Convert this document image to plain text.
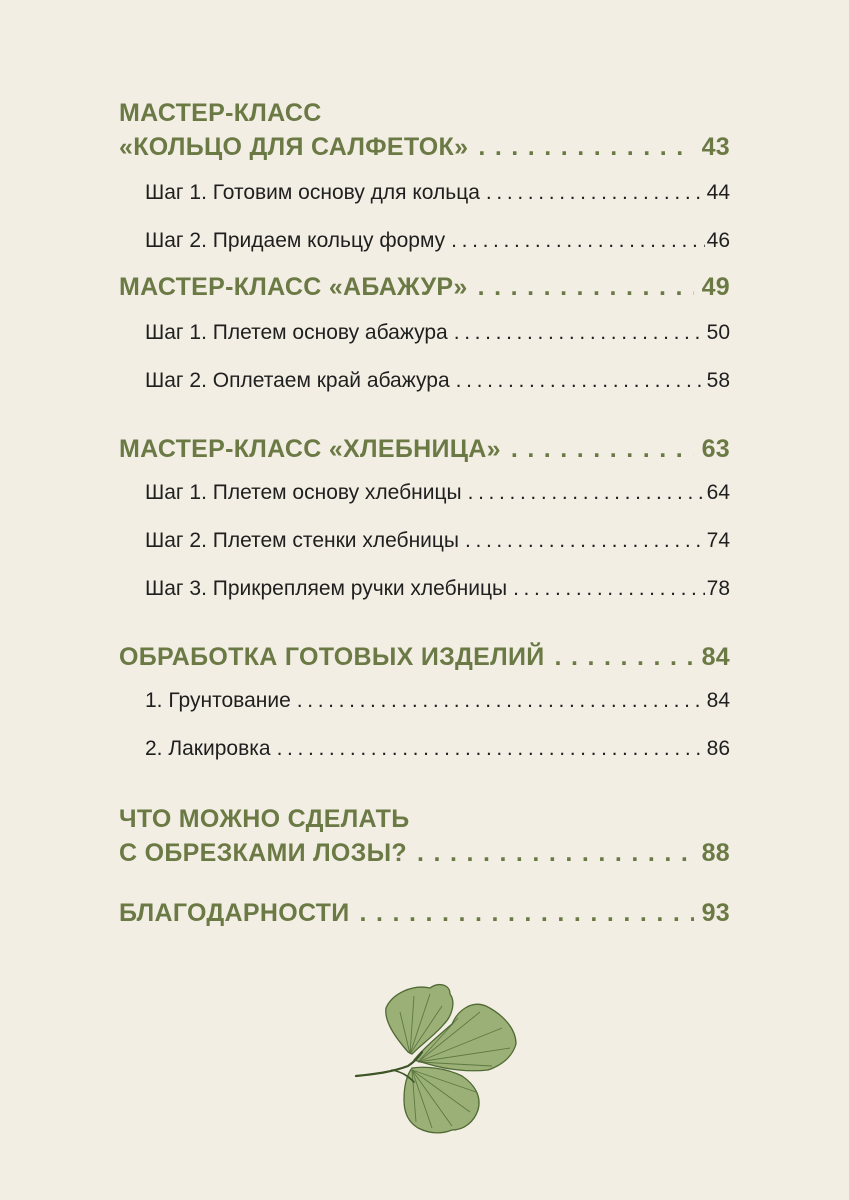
МАСТЕР-КЛАСС
«КОЛЬЦО ДЛЯ САЛФЕТОК» . . .	43
Шаг 1. Готовим основу для кольца . . .	44
Шаг 2. Придаем кольцу форму . . .	46
МАСТЕР-КЛАСС «АБАЖУР» . . .	49
Шаг 1. Плетем основу абажура . . .	50
Шаг 2. Оплетаем край абажура . . .	58
МАСТЕР-КЛАСС «ХЛЕБНИЦА» . . .	63
Шаг 1. Плетем основу хлебницы . . .	64
Шаг 2. Плетем стенки хлебницы . . .	74
Шаг 3. Прикрепляем ручки хлебницы . . .	78
ОБРАБОТКА ГОТОВЫХ ИЗДЕЛИЙ . . .	84
1. Грунтование . . .	84
2. Лакировка . . .	86
ЧТО МОЖНО СДЕЛАТЬ
С ОБРЕЗКАМИ ЛОЗЫ? . . .	88
БЛАГОДАРНОСТИ . . .	93
